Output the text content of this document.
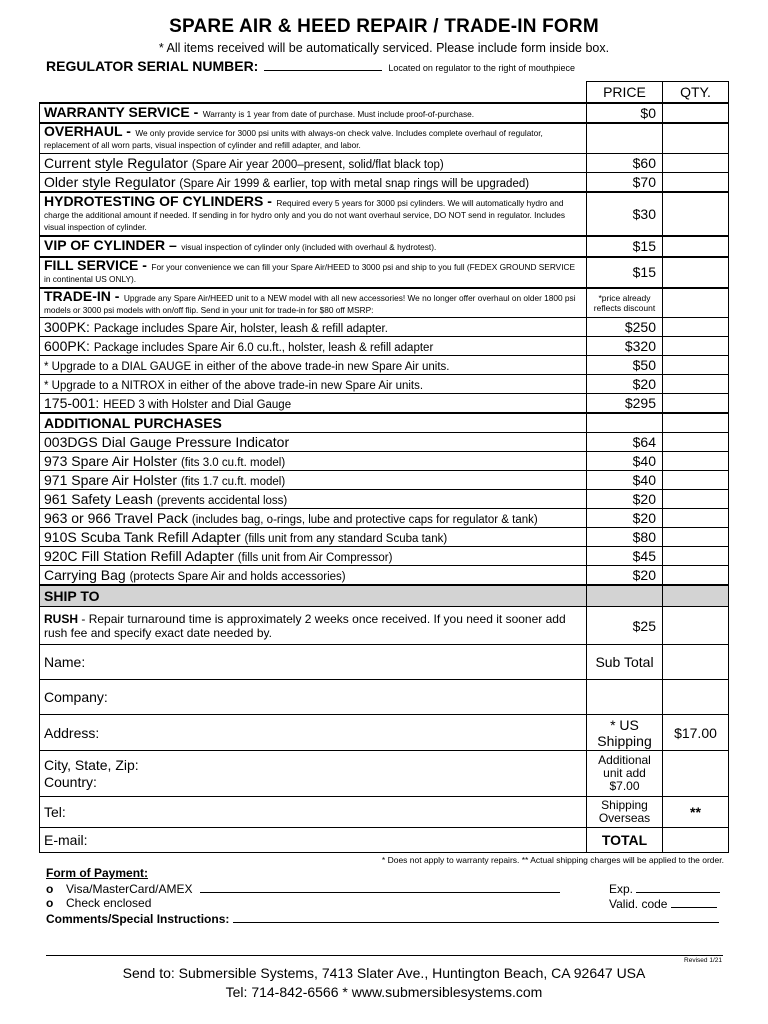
SPARE AIR & HEED REPAIR / TRADE-IN FORM
* All items received will be automatically serviced. Please include form inside box.
REGULATOR SERIAL NUMBER:	Located on regulator to the right of mouthpiece
	PRICE	QTY.
WARRANTY SERVICE - Warranty is 1 year from date of purchase. Must include proof-of-purchase.	$0	
OVERHAUL - We only provide service for 3000 psi units with always-on check valve. Includes complete overhaul of regulator, replacement of all worn parts, visual inspection of cylinder and refill adapter, and labor.		
Current style Regulator (Spare Air year 2000–present, solid/flat black top)	$60	
Older style Regulator (Spare Air 1999 & earlier, top with metal snap rings will be upgraded)	$70	
HYDROTESTING OF CYLINDERS - Required every 5 years for 3000 psi cylinders. We will automatically hydro and charge the additional amount if needed. If sending in for hydro only and you do not want overhaul service, DO NOT send in regulator. Includes visual inspection of cylinder.	$30	
VIP OF CYLINDER – visual inspection of cylinder only (included with overhaul & hydrotest).	$15	
FILL SERVICE - For your convenience we can fill your Spare Air/HEED to 3000 psi and ship to you full (FEDEX GROUND SERVICE in continental US ONLY).	$15	
TRADE-IN - Upgrade any Spare Air/HEED unit to a NEW model with all new accessories! We no longer offer overhaul on older 1800 psi models or 3000 psi models with on/off flip. Send in your unit for trade-in for $80 off MSRP:	*price already reflects discount	
300PK: Package includes Spare Air, holster, leash & refill adapter.	$250	
600PK: Package includes Spare Air 6.0 cu.ft., holster, leash & refill adapter	$320	
* Upgrade to a DIAL GAUGE in either of the above trade-in new Spare Air units.	$50	
* Upgrade to a NITROX in either of the above trade-in new Spare Air units.	$20	
175-001: HEED 3 with Holster and Dial Gauge	$295	
ADDITIONAL PURCHASES		
003DGS Dial Gauge Pressure Indicator	$64	
973 Spare Air Holster (fits 3.0 cu.ft. model)	$40	
971 Spare Air Holster (fits 1.7 cu.ft. model)	$40	
961 Safety Leash (prevents accidental loss)	$20	
963 or 966 Travel Pack (includes bag, o-rings, lube and protective caps for regulator & tank)	$20	
910S Scuba Tank Refill Adapter (fills unit from any standard Scuba tank)	$80	
920C Fill Station Refill Adapter (fills unit from Air Compressor)	$45	
Carrying Bag (protects Spare Air and holds accessories)	$20	
SHIP TO		
RUSH - Repair turnaround time is approximately 2 weeks once received. If you need it sooner add rush fee and specify exact date needed by.	$25	
Name:	Sub Total	
Company:		
Address:	* US Shipping	$17.00

City, State, Zip:
Country:	Additional unit add $7.00	
Tel:	Shipping Overseas	**
E-mail:	TOTAL	
* Does not apply to warranty repairs. ** Actual shipping charges will be applied to the order.
Form of Payment:
o Visa/MasterCard/AMEX	Exp.
o Check enclosed	Valid. code
Comments/Special Instructions:
Revised 1/21
Send to: Submersible Systems, 7413 Slater Ave., Huntington Beach, CA 92647 USA
Tel: 714-842-6566 * www.submersiblesystems.com
